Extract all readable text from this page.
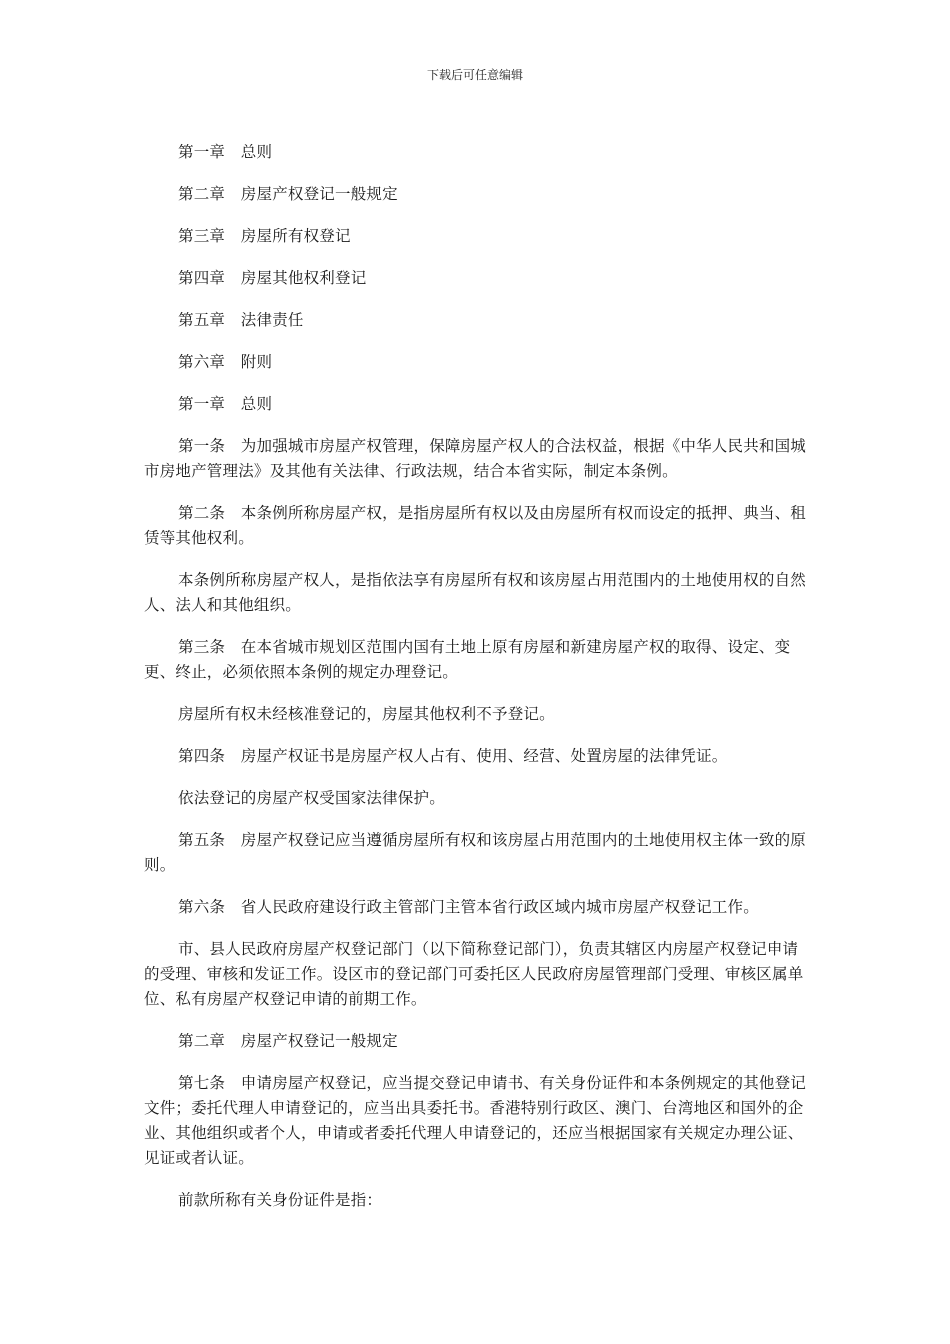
下载后可任意编辑

第一章　总则

第二章　房屋产权登记一般规定

第三章　房屋所有权登记

第四章　房屋其他权利登记

第五章　法律责任

第六章　附则

第一章　总则

第一条　为加强城市房屋产权管理，保障房屋产权人的合法权益，根据《中华人民共和国城市房地产管理法》及其他有关法律、行政法规，结合本省实际，制定本条例。

第二条　本条例所称房屋产权，是指房屋所有权以及由房屋所有权而设定的抵押、典当、租赁等其他权利。

本条例所称房屋产权人，是指依法享有房屋所有权和该房屋占用范围内的土地使用权的自然人、法人和其他组织。

第三条　在本省城市规划区范围内国有土地上原有房屋和新建房屋产权的取得、设定、变更、终止，必须依照本条例的规定办理登记。

房屋所有权未经核准登记的，房屋其他权利不予登记。

第四条　房屋产权证书是房屋产权人占有、使用、经营、处置房屋的法律凭证。

依法登记的房屋产权受国家法律保护。

第五条　房屋产权登记应当遵循房屋所有权和该房屋占用范围内的土地使用权主体一致的原则。

第六条　省人民政府建设行政主管部门主管本省行政区域内城市房屋产权登记工作。

市、县人民政府房屋产权登记部门（以下简称登记部门），负责其辖区内房屋产权登记申请的受理、审核和发证工作。设区市的登记部门可委托区人民政府房屋管理部门受理、审核区属单位、私有房屋产权登记申请的前期工作。

第二章　房屋产权登记一般规定

第七条　申请房屋产权登记，应当提交登记申请书、有关身份证件和本条例规定的其他登记文件；委托代理人申请登记的，应当出具委托书。香港特别行政区、澳门、台湾地区和国外的企业、其他组织或者个人，申请或者委托代理人申请登记的，还应当根据国家有关规定办理公证、见证或者认证。

前款所称有关身份证件是指：
